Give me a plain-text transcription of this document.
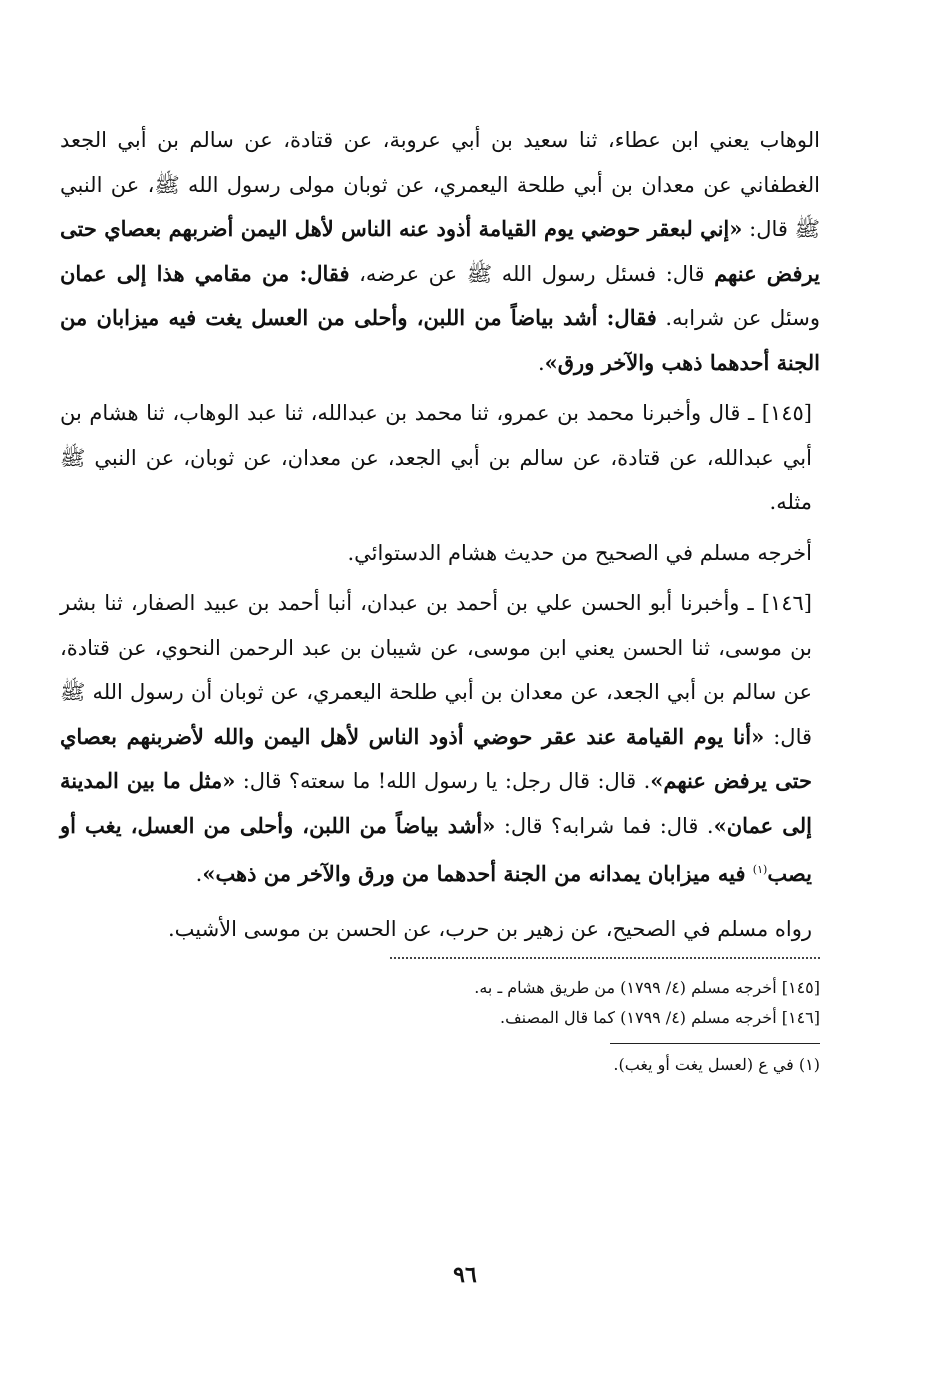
الوهاب يعني ابن عطاء، ثنا سعيد بن أبي عروبة، عن قتادة، عن سالم بن أبي الجعد الغطفاني عن معدان بن أبي طلحة اليعمري، عن ثوبان مولى رسول الله ﷺ، عن النبي ﷺ قال: «إني لبعقر حوضي يوم القيامة أذود عنه الناس لأهل اليمن أضربهم بعصاي حتى يرفض عنهم قال: فسئل رسول الله ﷺ عن عرضه، فقال: من مقامي هذا إلى عمان وسئل عن شرابه. فقال: أشد بياضاً من اللبن، وأحلى من العسل يغت فيه ميزابان من الجنة أحدهما ذهب والآخر ورق».

[١٤٥] ـ قال وأخبرنا محمد بن عمرو، ثنا محمد بن عبدالله، ثنا عبد الوهاب، ثنا هشام بن أبي عبدالله، عن قتادة، عن سالم بن أبي الجعد، عن معدان، عن ثوبان، عن النبي ﷺ مثله.

أخرجه مسلم في الصحيح من حديث هشام الدستوائي.

[١٤٦] ـ وأخبرنا أبو الحسن علي بن أحمد بن عبدان، أنبا أحمد بن عبيد الصفار، ثنا بشر بن موسى، ثنا الحسن يعني ابن موسى، عن شيبان بن عبد الرحمن النحوي، عن قتادة، عن سالم بن أبي الجعد، عن معدان بن أبي طلحة اليعمري، عن ثوبان أن رسول الله ﷺ قال: «أنا يوم القيامة عند عقر حوضي أذود الناس لأهل اليمن والله لأضربنهم بعصاي حتى يرفض عنهم». قال: قال رجل: يا رسول الله! ما سعته؟ قال: «مثل ما بين المدينة إلى عمان». قال: فما شرابه؟ قال: «أشد بياضاً من اللبن، وأحلى من العسل، يغب أو يصب$^{(١)}$ فيه ميزابان يمدانه من الجنة أحدهما من ورق والآخر من ذهب».

رواه مسلم في الصحيح، عن زهير بن حرب، عن الحسن بن موسى الأشيب.

[١٤٥] أخرجه مسلم (٤/ ١٧٩٩) من طريق هشام ـ به.

[١٤٦] أخرجه مسلم (٤/ ١٧٩٩) كما قال المصنف.

(١) في ع (لعسل يغت أو يغب).

٩٦
